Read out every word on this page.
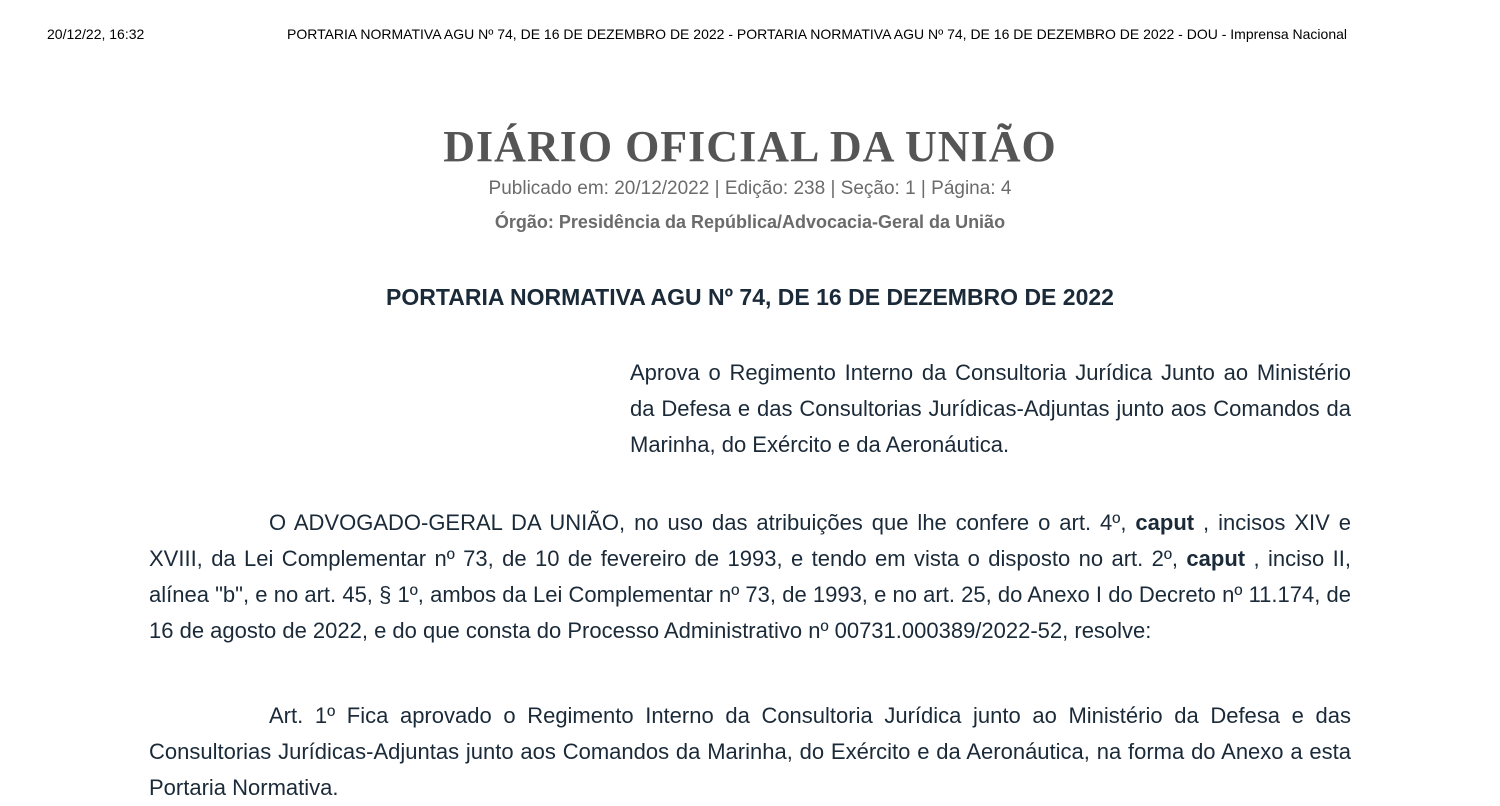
20/12/22, 16:32	PORTARIA NORMATIVA AGU Nº 74, DE 16 DE DEZEMBRO DE 2022 - PORTARIA NORMATIVA AGU Nº 74, DE 16 DE DEZEMBRO DE 2022 - DOU - Imprensa Nacional
DIÁRIO OFICIAL DA UNIÃO
Publicado em: 20/12/2022 | Edição: 238 | Seção: 1 | Página: 4
Órgão: Presidência da República/Advocacia-Geral da União
PORTARIA NORMATIVA AGU Nº 74, DE 16 DE DEZEMBRO DE 2022
Aprova o Regimento Interno da Consultoria Jurídica Junto ao Ministério da Defesa e das Consultorias Jurídicas-Adjuntas junto aos Comandos da Marinha, do Exército e da Aeronáutica.
O ADVOGADO-GERAL DA UNIÃO, no uso das atribuições que lhe confere o art. 4º, caput , incisos XIV e XVIII, da Lei Complementar nº 73, de 10 de fevereiro de 1993, e tendo em vista o disposto no art. 2º, caput , inciso II, alínea "b", e no art. 45, § 1º, ambos da Lei Complementar nº 73, de 1993, e no art. 25, do Anexo I do Decreto nº 11.174, de 16 de agosto de 2022, e do que consta do Processo Administrativo nº 00731.000389/2022-52, resolve:
Art. 1º Fica aprovado o Regimento Interno da Consultoria Jurídica junto ao Ministério da Defesa e das Consultorias Jurídicas-Adjuntas junto aos Comandos da Marinha, do Exército e da Aeronáutica, na forma do Anexo a esta Portaria Normativa.
